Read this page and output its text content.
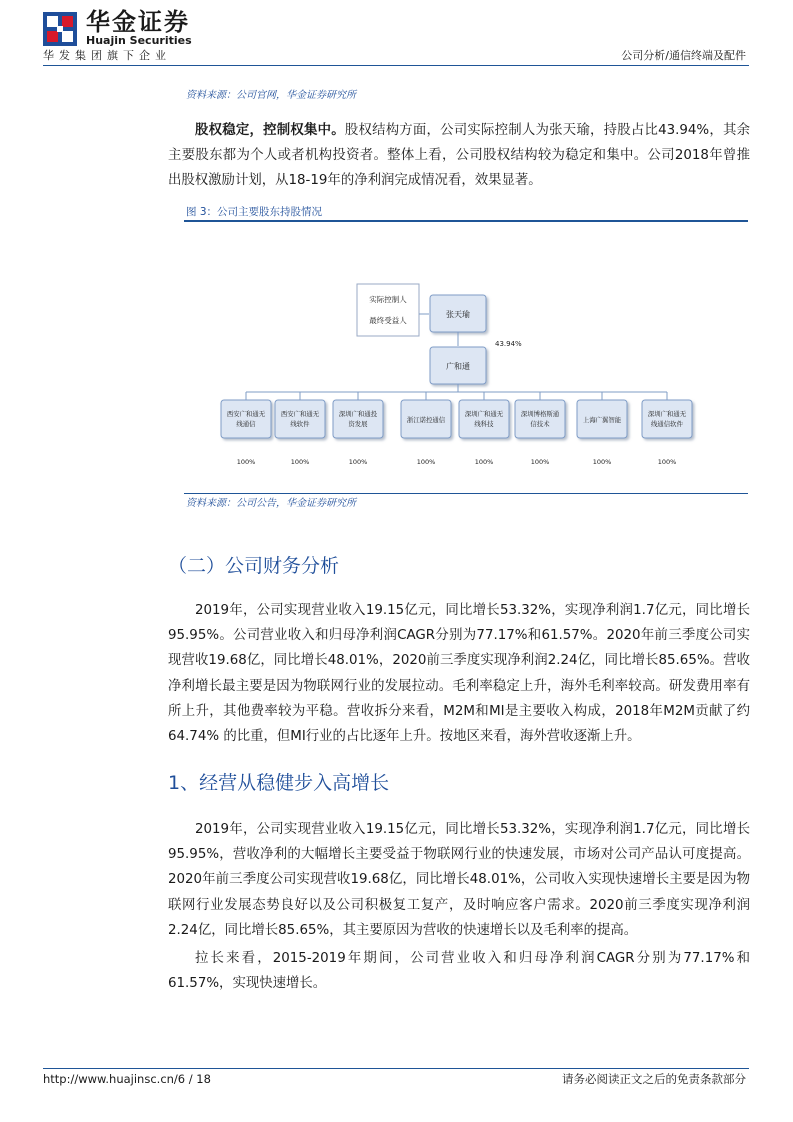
华金证券
Huajin Securities
华发集团旗下企业	公司分析/通信终端及配件
资料来源：公司官网，华金证券研究所
股权稳定，控制权集中。股权结构方面，公司实际控制人为张天瑜，持股占比43.94%，其余主要股东都为个人或者机构投资者。整体上看，公司股权结构较为稳定和集中。公司2018年曾推出股权激励计划，从18-19年的净利润完成情况看，效果显著。
图 3：公司主要股东持股情况
实际控制人
最终受益人
张天瑜
43.94%
广和通
西安广和通无
线通信
100%
西安广和通无
线软件
100%
深圳广和通投
资发展
100%
浙江诺控通信
100%
深圳广和通无
线科技
100%
深圳博格斯通
信技术
100%
上海广翼智能
100%
深圳广和通无
线通信软件
100%
资料来源：公司公告，华金证券研究所
（二）公司财务分析
2019年，公司实现营业收入19.15亿元，同比增长53.32%，实现净利润1.7亿元，同比增长95.95%。公司营业收入和归母净利润CAGR分别为77.17%和61.57%。2020年前三季度公司实现营收19.68亿，同比增长48.01%，2020前三季度实现净利润2.24亿，同比增长85.65%。营收净利增长最主要是因为物联网行业的发展拉动。毛利率稳定上升，海外毛利率较高。研发费用率有所上升，其他费率较为平稳。营收拆分来看，M2M和MI是主要收入构成，2018年M2M贡献了约64.74% 的比重，但MI行业的占比逐年上升。按地区来看，海外营收逐渐上升。
1、经营从稳健步入高增长
2019年，公司实现营业收入19.15亿元，同比增长53.32%，实现净利润1.7亿元，同比增长95.95%，营收净利的大幅增长主要受益于物联网行业的快速发展，市场对公司产品认可度提高。2020年前三季度公司实现营收19.68亿，同比增长48.01%，公司收入实现快速增长主要是因为物联网行业发展态势良好以及公司积极复工复产，及时响应客户需求。2020前三季度实现净利润2.24亿，同比增长85.65%，其主要原因为营收的快速增长以及毛利率的提高。
拉长来看，2015-2019年期间，公司营业收入和归母净利润CAGR分别为77.17%和61.57%，实现快速增长。
http://www.huajinsc.cn/6 / 18	请务必阅读正文之后的免责条款部分
